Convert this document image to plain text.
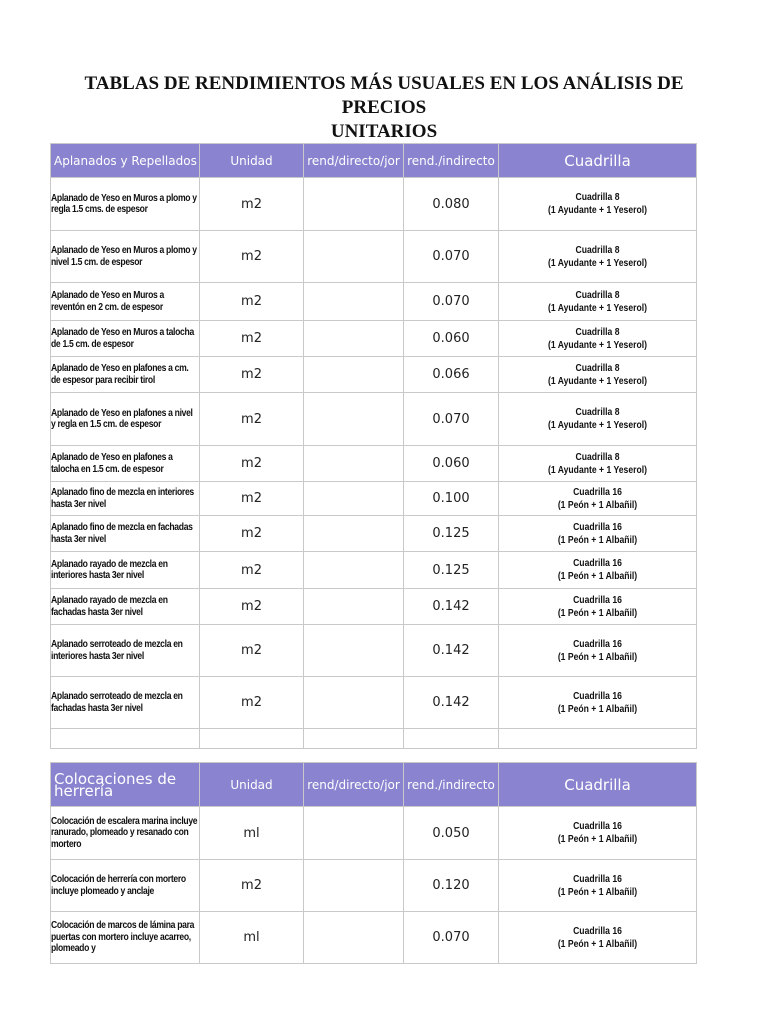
TABLAS DE RENDIMIENTOS MÁS USUALES EN LOS ANÁLISIS DE PRECIOS
UNITARIOS
Aplanados y Repellados	Unidad	rend/directo/jor	rend./indirecto	Cuadrilla

Aplanado de Yeso en Muros a plomo y regla 1.5 cms. de espesor	m2		0.080	Cuadrilla 8
(1 Ayudante + 1 Yeserol)

Aplanado de Yeso en Muros a plomo y nivel 1.5 cm. de espesor	m2		0.070	Cuadrilla 8
(1 Ayudante + 1 Yeserol)

Aplanado de Yeso en Muros a reventón en 2 cm. de espesor	m2		0.070	Cuadrilla 8
(1 Ayudante + 1 Yeserol)

Aplanado de Yeso en Muros a talocha de 1.5 cm. de espesor	m2		0.060	Cuadrilla 8
(1 Ayudante + 1 Yeserol)

Aplanado de Yeso en plafones a cm. de espesor para recibir tirol	m2		0.066	Cuadrilla 8
(1 Ayudante + 1 Yeserol)

Aplanado de Yeso en plafones a nivel y regla en 1.5 cm. de espesor	m2		0.070	Cuadrilla 8
(1 Ayudante + 1 Yeserol)

Aplanado de Yeso en plafones a talocha en 1.5 cm. de espesor	m2		0.060	Cuadrilla 8
(1 Ayudante + 1 Yeserol)

Aplanado fino de mezcla en interiores hasta 3er nivel	m2		0.100	Cuadrilla 16
(1 Peón + 1 Albañil)

Aplanado fino de mezcla en fachadas hasta 3er nivel	m2		0.125	Cuadrilla 16
(1 Peón + 1 Albañil)

Aplanado rayado de mezcla en interiores hasta 3er nivel	m2		0.125	Cuadrilla 16
(1 Peón + 1 Albañil)

Aplanado rayado de mezcla en fachadas hasta 3er nivel	m2		0.142	Cuadrilla 16
(1 Peón + 1 Albañil)

Aplanado serroteado de mezcla en interiores hasta 3er nivel	m2		0.142	Cuadrilla 16
(1 Peón + 1 Albañil)

Aplanado serroteado de mezcla en fachadas hasta 3er nivel	m2		0.142	Cuadrilla 16
(1 Peón + 1 Albañil)

Colocaciones de herrería	Unidad	rend/directo/jor	rend./indirecto	Cuadrilla

Colocación de escalera marina incluye ranurado, plomeado y resanado con mortero	ml		0.050	Cuadrilla 16
(1 Peón + 1 Albañil)

Colocación de herrería con mortero incluye plomeado y anclaje	m2		0.120	Cuadrilla 16
(1 Peón + 1 Albañil)

Colocación de marcos de lámina para puertas con mortero incluye acarreo, plomeado y	ml		0.070	Cuadrilla 16
(1 Peón + 1 Albañil)
